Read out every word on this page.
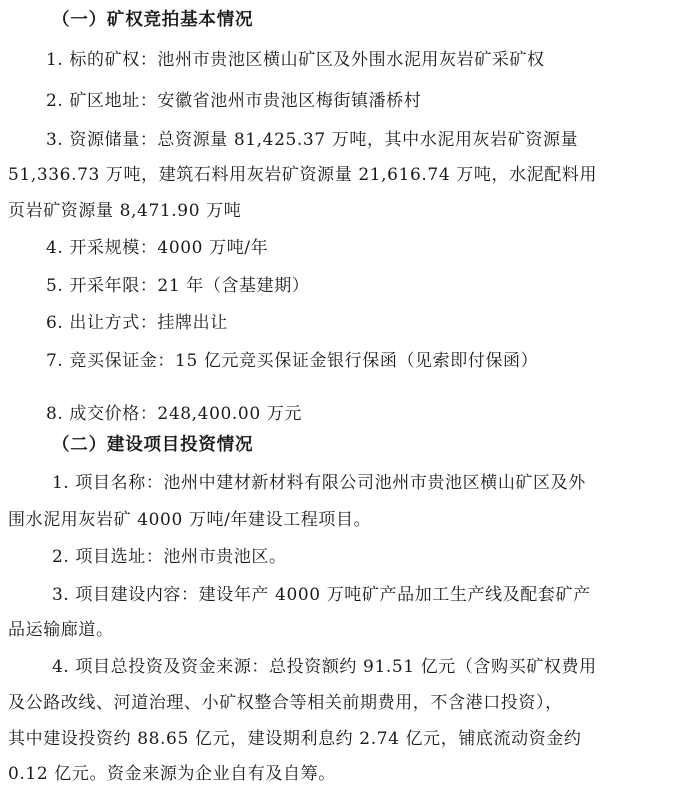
（一）矿权竞拍基本情况
1. 标的矿权：池州市贵池区横山矿区及外围水泥用灰岩矿采矿权
2. 矿区地址：安徽省池州市贵池区梅街镇潘桥村
3. 资源储量：总资源量 81,425.37 万吨，其中水泥用灰岩矿资源量
51,336.73 万吨，建筑石料用灰岩矿资源量 21,616.74 万吨，水泥配料用
页岩矿资源量 8,471.90 万吨
4. 开采规模：4000 万吨/年
5. 开采年限：21 年（含基建期）
6. 出让方式：挂牌出让
7. 竞买保证金：15 亿元竞买保证金银行保函（见索即付保函）
8. 成交价格：248,400.00 万元
（二）建设项目投资情况
1. 项目名称：池州中建材新材料有限公司池州市贵池区横山矿区及外
围水泥用灰岩矿 4000 万吨/年建设工程项目。
2. 项目选址：池州市贵池区。
3. 项目建设内容：建设年产 4000 万吨矿产品加工生产线及配套矿产
品运输廊道。
4. 项目总投资及资金来源：总投资额约 91.51 亿元（含购买矿权费用
及公路改线、河道治理、小矿权整合等相关前期费用，不含港口投资），
其中建设投资约 88.65 亿元，建设期利息约 2.74 亿元，铺底流动资金约
0.12 亿元。资金来源为企业自有及自筹。
